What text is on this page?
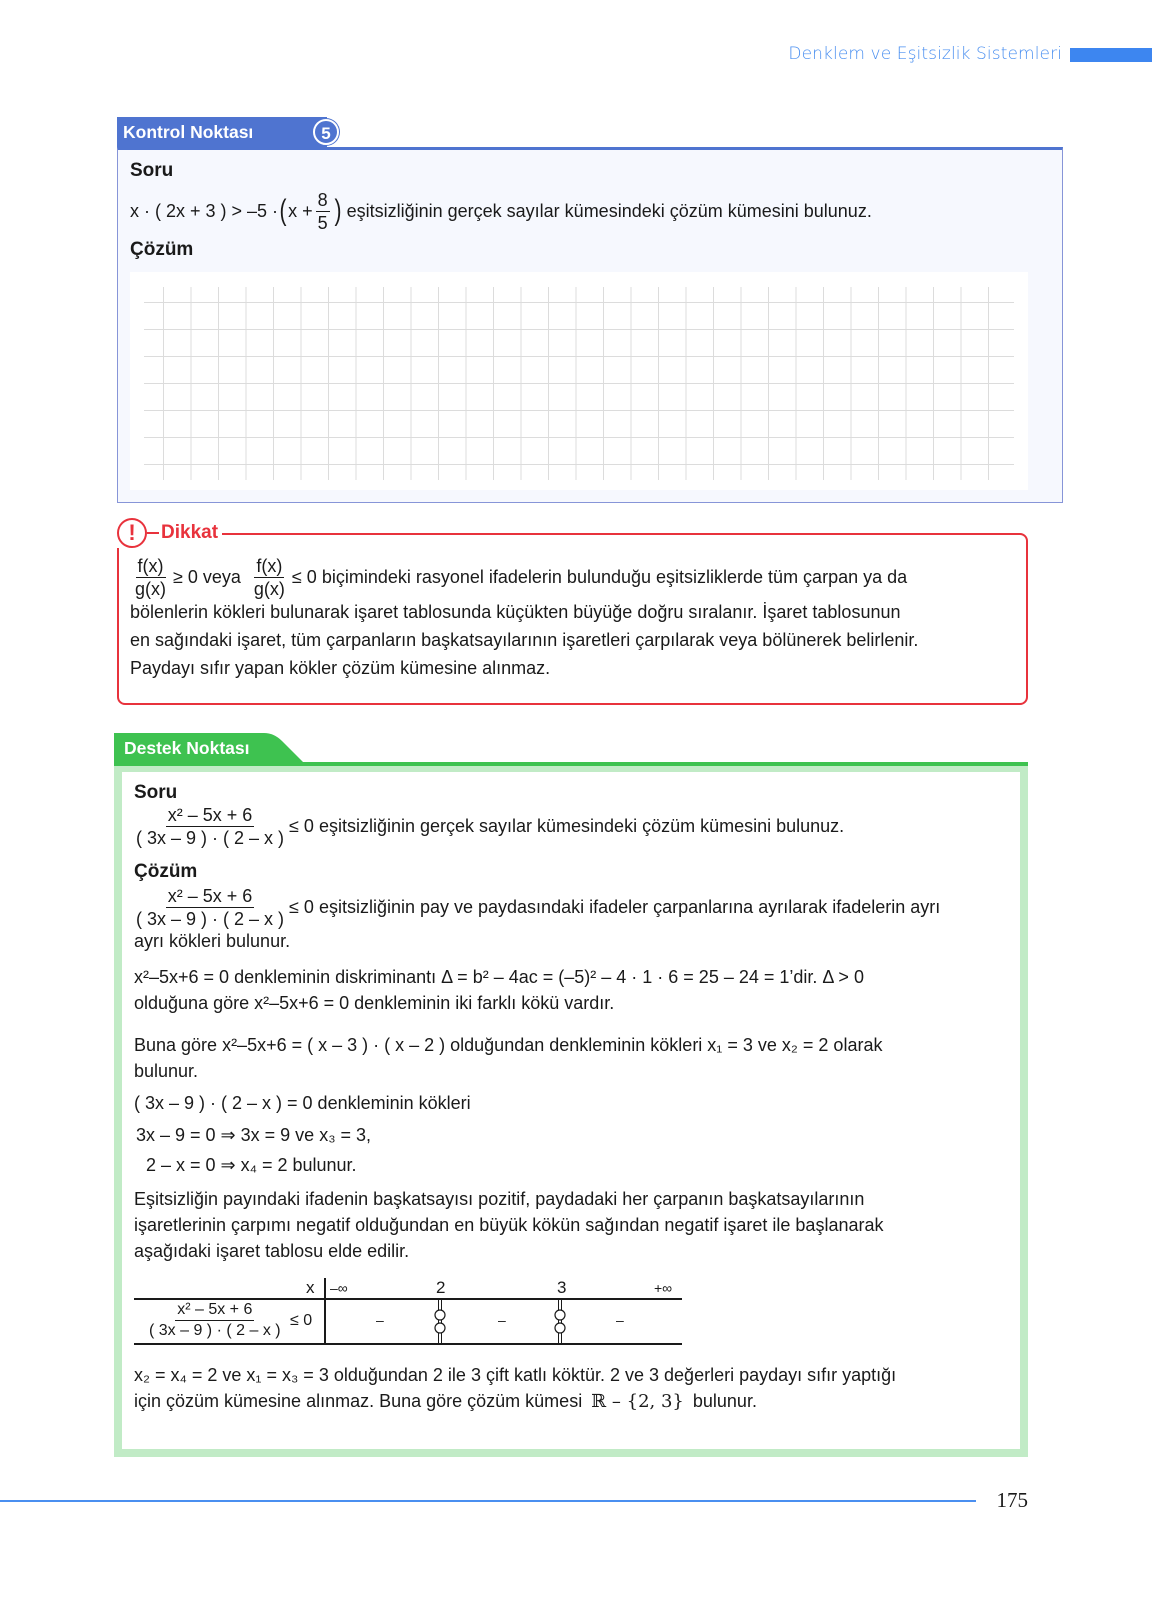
Denklem ve Eşitsizlik Sistemleri
Kontrol Noktası	5
Soru
x · ( 2x + 3 ) > –5 · ( $x + \frac{8}{5}$ ) eşitsizliğinin gerçek sayılar kümesindeki çözüm kümesini bulunuz.
Çözüm
!	Dikkat
$\frac{f(x)}{g(x)} \ge 0$ veya $\frac{f(x)}{g(x)} \le 0$ biçimindeki rasyonel ifadelerin bulunduğu eşitsizliklerde tüm çarpan ya da
bölenlerin kökleri bulunarak işaret tablosunda küçükten büyüğe doğru sıralanır. İşaret tablosunun
en sağındaki işaret, tüm çarpanların başkatsayılarının işaretleri çarpılarak veya bölünerek belirlenir.
Paydayı sıfır yapan kökler çözüm kümesine alınmaz.
Destek Noktası
Soru
$\frac{\text{x² – 5x + 6}}{( 3x - 9 ) \cdot ( 2 - x )} \le 0$ eşitsizliğinin gerçek sayılar kümesindeki çözüm kümesini bulunuz.
Çözüm
$\frac{\text{x² – 5x + 6}}{( 3x - 9 ) \cdot ( 2 - x )} \le 0$ eşitsizliğinin pay ve paydasındaki ifadeler çarpanlarına ayrılarak ifadelerin ayrı
ayrı kökleri bulunur.
x²–5x+6 = 0 denkleminin diskriminantı Δ = b² – 4ac = (–5)² – 4 · 1 · 6 = 25 – 24 = 1’dir. Δ > 0
olduğuna göre x²–5x+6 = 0 denkleminin iki farklı kökü vardır.
Buna göre x²–5x+6 = ( x – 3 ) · ( x – 2 ) olduğundan denkleminin kökleri x₁ = 3 ve x₂ = 2 olarak
bulunur.
( 3x – 9 ) · ( 2 – x ) = 0 denkleminin kökleri
3x – 9 = 0 ⇒ 3x = 9 ve x₃ = 3,
2 – x = 0 ⇒ x₄ = 2 bulunur.
Eşitsizliğin payındaki ifadenin başkatsayısı pozitif, paydadaki her çarpanın başkatsayılarının
işaretlerinin çarpımı negatif olduğundan en büyük kökün sağından negatif işaret ile başlanarak
aşağıdaki işaret tablosu elde edilir.
x –∞	2	3	+∞
$\frac{\text{x² – 5x + 6}}{( 3x - 9 ) \cdot ( 2 - x )} \le 0$	–	–	–
x₂ = x₄ = 2 ve x₁ = x₃ = 3 olduğundan 2 ile 3 çift katlı köktür. 2 ve 3 değerleri paydayı sıfır yaptığı
için çözüm kümesine alınmaz. Buna göre çözüm kümesi ℝ – {2, 3} bulunur.
175
